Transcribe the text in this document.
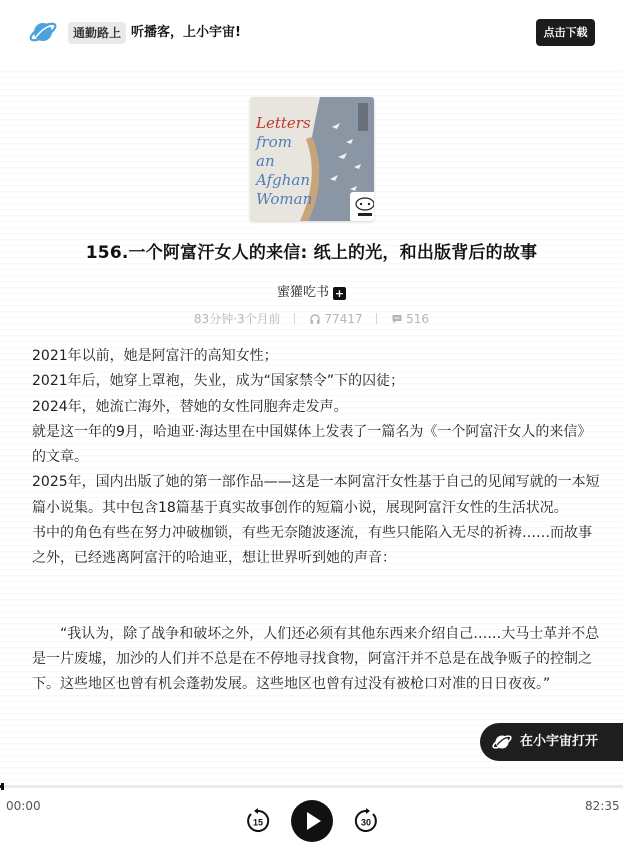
通勤路上 听播客，上小宇宙!	点击下载
Letters
from
an
Afghan
Woman
156.一个阿富汗女人的来信: 纸上的光，和出版背后的故事
蜜獾吃书 +
83分钟·3个月前	77417	516

2021年以前，她是阿富汗的高知女性；

2021年后，她穿上罩袍，失业，成为“国家禁令”下的囚徒；

2024年，她流亡海外，替她的女性同胞奔走发声。

就是这一年的9月，哈迪亚·海达里在中国媒体上发表了一篇名为《一个阿富汗女人的来信》的文章。

2025年，国内出版了她的第一部作品——这是一本阿富汗女性基于自己的见闻写就的一本短篇小说集。其中包含18篇基于真实故事创作的短篇小说，展现阿富汗女性的生活状况。

书中的角色有些在努力冲破枷锁，有些无奈随波逐流，有些只能陷入无尽的祈祷……而故事之外，已经逃离阿富汗的哈迪亚，想让世界听到她的声音：

“我认为，除了战争和破坏之外，人们还必须有其他东西来介绍自己……大马士革并不总是一片废墟，加沙的人们并不总是在不停地寻找食物，阿富汗并不总是在战争贩子的控制之下。这些地区也曾有机会蓬勃发展。这些地区也曾有过没有被枪口对准的日日夜夜。”

在小宇宙打开
00:00	82:35
15	30
